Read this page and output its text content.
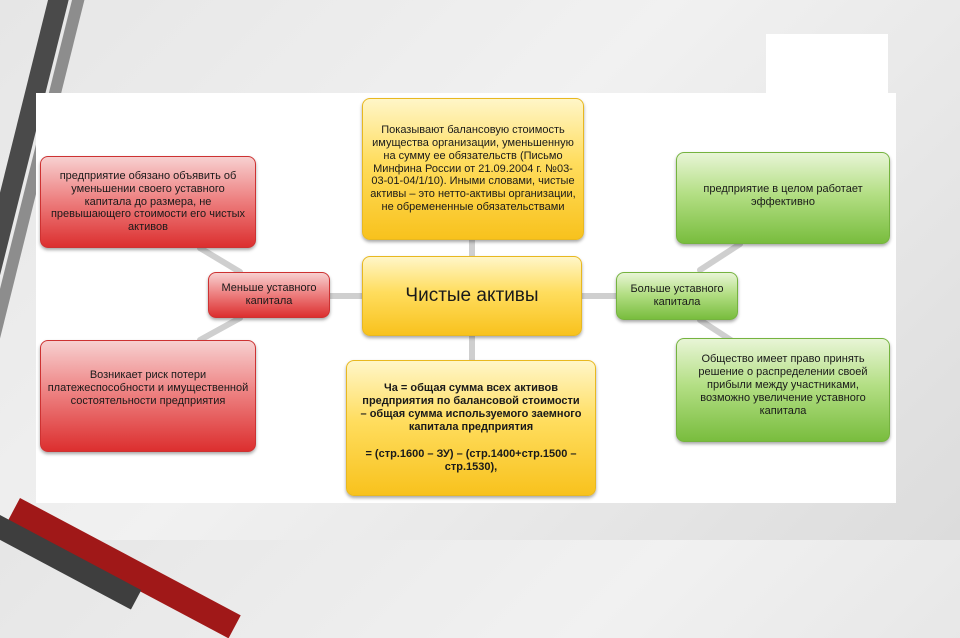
Показывают балансовую стоимость имущества организации, уменьшенную на сумму ее обязательств (Письмо Минфина России от 21.09.2004 г. №03-03-01-04/1/10). Иными словами, чистые активы – это нетто-активы организации, не обремененные обязательствами
Чистые активы
Ча = общая сумма всех активов предприятия по балансовой стоимости – общая сумма используемого заемного капитала предприятия
= (стр.1600 – ЗУ) – (стр.1400+стр.1500 – стр.1530),
предприятие обязано объявить об уменьшении своего уставного капитала до размера, не превышающего стоимости его чистых активов
Меньше уставного капитала
Возникает риск потери платежеспособности и имущественной состоятельности предприятия
предприятие в целом работает эффективно
Больше уставного капитала
Общество имеет право принять решение о распределении своей прибыли между участниками, возможно увеличение уставного капитала
